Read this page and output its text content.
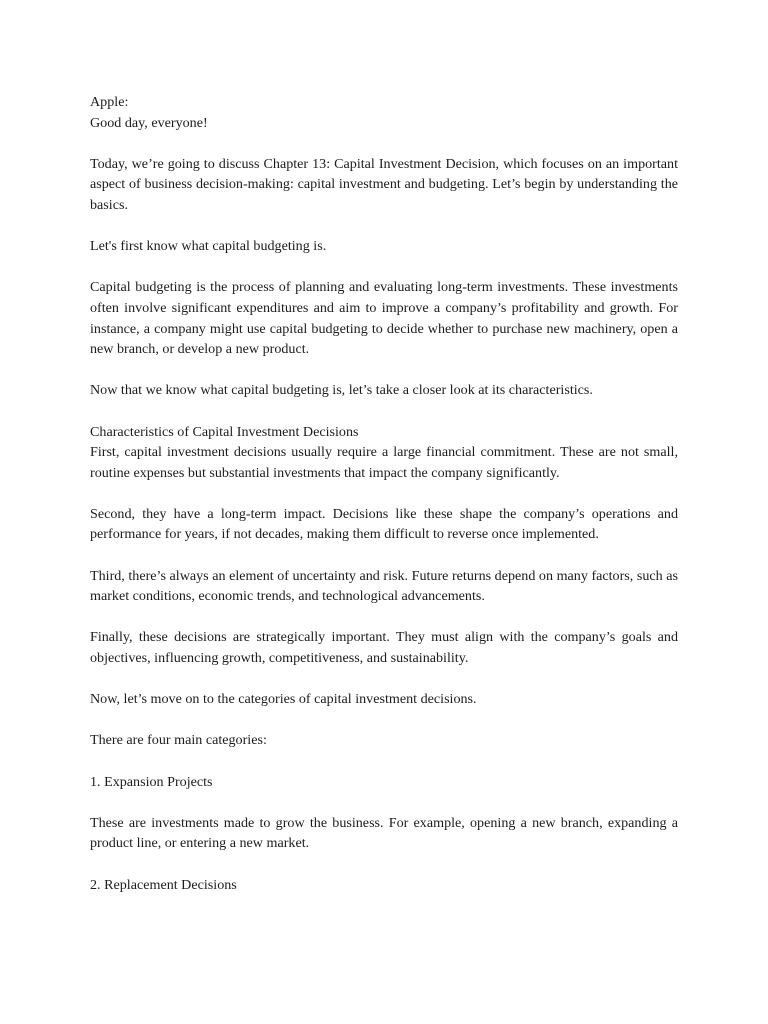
Apple:

Good day, everyone!

Today, we’re going to discuss Chapter 13: Capital Investment Decision, which focuses on an important aspect of business decision-making: capital investment and budgeting. Let’s begin by understanding the basics.

Let's first know what capital budgeting is.

Capital budgeting is the process of planning and evaluating long-term investments. These investments often involve significant expenditures and aim to improve a company’s profitability and growth. For instance, a company might use capital budgeting to decide whether to purchase new machinery, open a new branch, or develop a new product.

Now that we know what capital budgeting is, let’s take a closer look at its characteristics.

Characteristics of Capital Investment Decisions

First, capital investment decisions usually require a large financial commitment. These are not small, routine expenses but substantial investments that impact the company significantly.

Second, they have a long-term impact. Decisions like these shape the company’s operations and performance for years, if not decades, making them difficult to reverse once implemented.

Third, there’s always an element of uncertainty and risk. Future returns depend on many factors, such as market conditions, economic trends, and technological advancements.

Finally, these decisions are strategically important. They must align with the company’s goals and objectives, influencing growth, competitiveness, and sustainability.

Now, let’s move on to the categories of capital investment decisions.

There are four main categories:

1. Expansion Projects

These are investments made to grow the business. For example, opening a new branch, expanding a product line, or entering a new market.

2. Replacement Decisions
